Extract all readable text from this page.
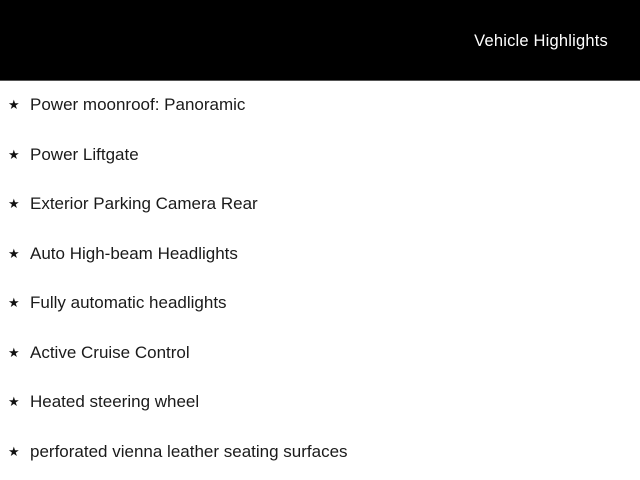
Vehicle Highlights
★ Power moonroof: Panoramic
★ Power Liftgate
★ Exterior Parking Camera Rear
★ Auto High-beam Headlights
★ Fully automatic headlights
★ Active Cruise Control
★ Heated steering wheel
★ perforated vienna leather seating surfaces
